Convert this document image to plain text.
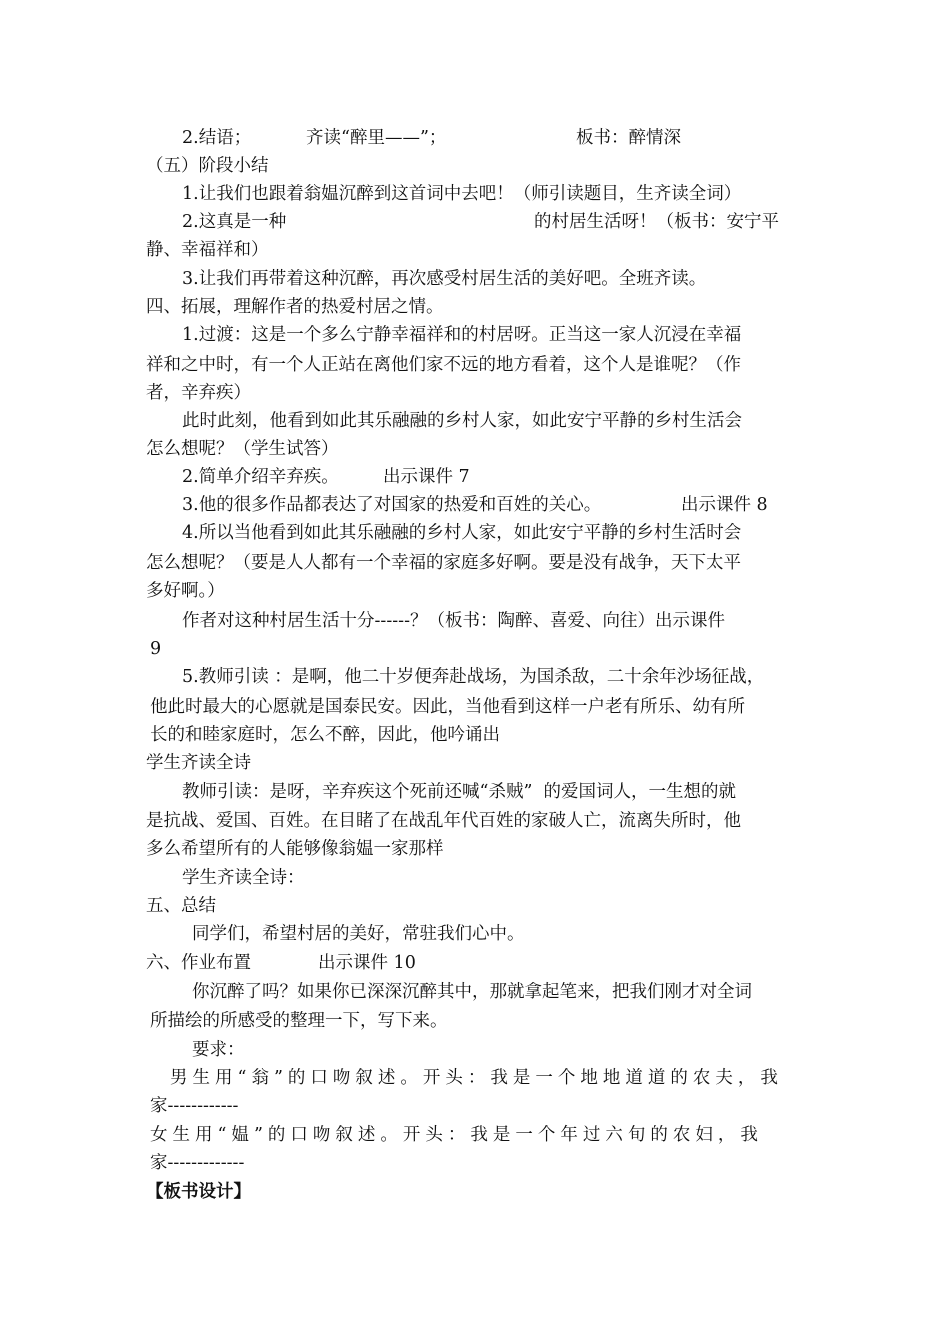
2.结语；	齐读“醉里——”；	板书：醉情深
（五）阶段小结
1.让我们也跟着翁媪沉醉到这首词中去吧！（师引读题目，生齐读全词）
2.这真是一种	的村居生活呀！（板书：安宁平
静、幸福祥和）
3.让我们再带着这种沉醉，再次感受村居生活的美好吧。全班齐读。
四、拓展，理解作者的热爱村居之情。
1.过渡：这是一个多么宁静幸福祥和的村居呀。正当这一家人沉浸在幸福
祥和之中时，有一个人正站在离他们家不远的地方看着，这个人是谁呢？（作
者，辛弃疾）
此时此刻，他看到如此其乐融融的乡村人家，如此安宁平静的乡村生活会
怎么想呢？（学生试答）
2.简单介绍辛弃疾。	出示课件 7
3.他的很多作品都表达了对国家的热爱和百姓的关心。	出示课件 8
4.所以当他看到如此其乐融融的乡村人家，如此安宁平静的乡村生活时会
怎么想呢？（要是人人都有一个幸福的家庭多好啊。要是没有战争，天下太平
多好啊。）
作者对这种村居生活十分------？（板书：陶醉、喜爱、向往）出示课件
9
5.教师引读 ：是啊，他二十岁便奔赴战场，为国杀敌，二十余年沙场征战，
他此时最大的心愿就是国泰民安。因此，当他看到这样一户老有所乐、幼有所
长的和睦家庭时，怎么不醉，因此，他吟诵出
学生齐读全诗
教师引读：是呀，辛弃疾这个死前还喊“杀贼”  的爱国词人，一生想的就
是抗战、爱国、百姓。在目睹了在战乱年代百姓的家破人亡，流离失所时，他
多么希望所有的人能够像翁媪一家那样
学生齐读全诗：
五、总结
同学们，希望村居的美好，常驻我们心中。
六、作业布置	出示课件 10
你沉醉了吗？如果你已深深沉醉其中，那就拿起笔来，把我们刚才对全词
所描绘的所感受的整理一下，写下来。
要求：
男生用“翁”的口吻叙述。开头：我是一个地地道道的农夫，我
家------------
女生用“媪”的口吻叙述。开头：我是一个年过六旬的农妇，我
家-------------
【板书设计】
